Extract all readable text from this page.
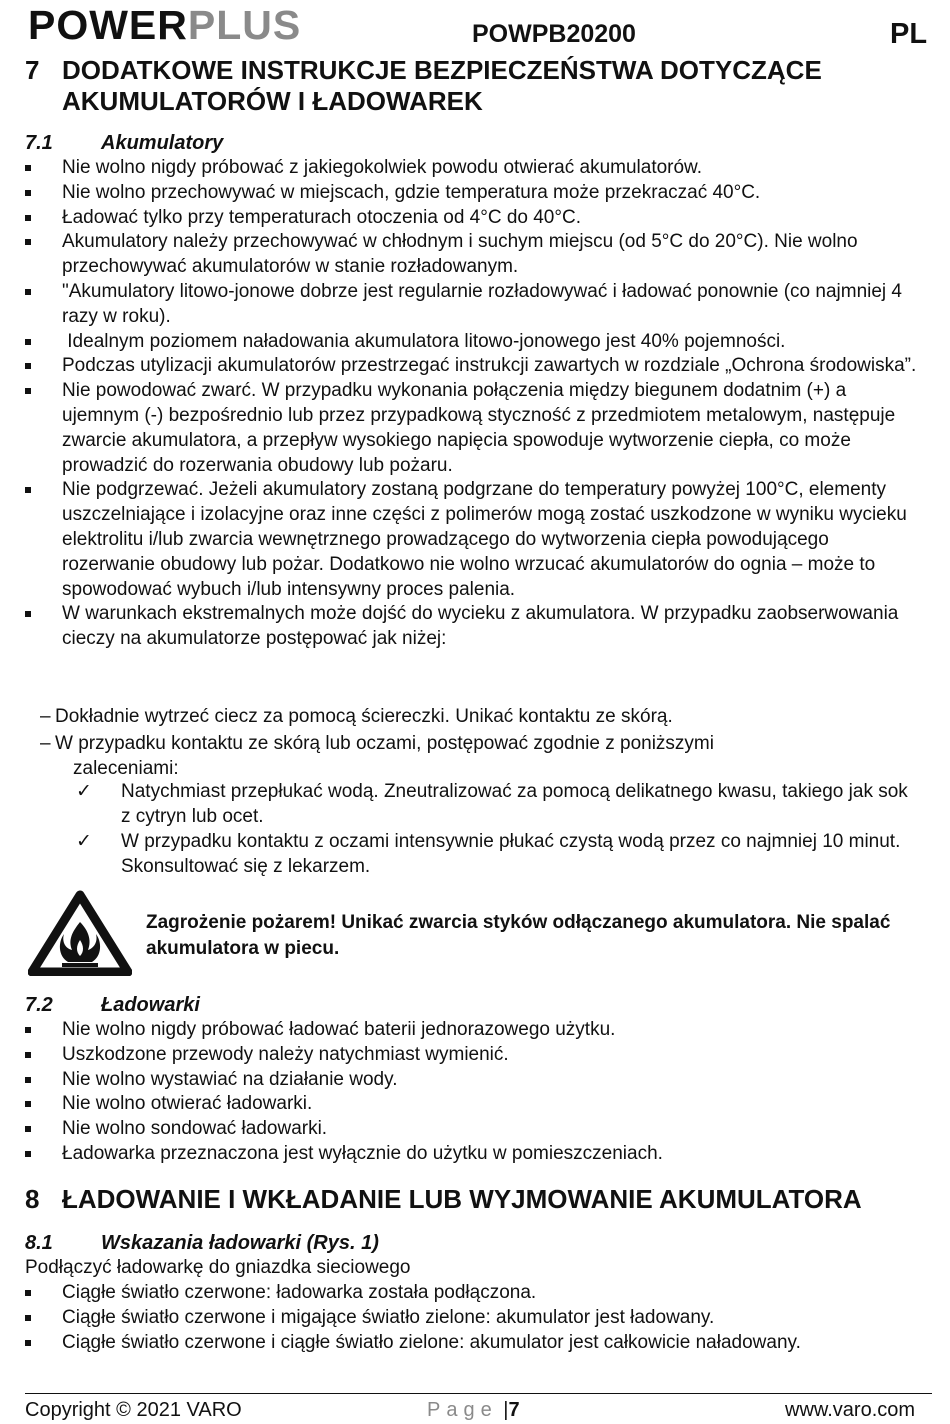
POWERPLUS	POWPB20200	PL
7 DODATKOWE INSTRUKCJE BEZPIECZEŃSTWA DOTYCZĄCE AKUMULATORÓW I ŁADOWAREK
7.1 Akumulatory
Nie wolno nigdy próbować z jakiegokolwiek powodu otwierać akumulatorów.
Nie wolno przechowywać w miejscach, gdzie temperatura może przekraczać 40°C.
Ładować tylko przy temperaturach otoczenia od 4°C do 40°C.
Akumulatory należy przechowywać w chłodnym i suchym miejscu (od 5°C do 20°C). Nie wolno przechowywać akumulatorów w stanie rozładowanym.
"Akumulatory litowo-jonowe dobrze jest regularnie rozładowywać i ładować ponownie (co najmniej 4 razy w roku).
Idealnym poziomem naładowania akumulatora litowo-jonowego jest 40% pojemności.
Podczas utylizacji akumulatorów przestrzegać instrukcji zawartych w rozdziale „Ochrona środowiska”.
Nie powodować zwarć. W przypadku wykonania połączenia między biegunem dodatnim (+) a ujemnym (-) bezpośrednio lub przez przypadkową styczność z przedmiotem metalowym, następuje zwarcie akumulatora, a przepływ wysokiego napięcia spowoduje wytworzenie ciepła, co może prowadzić do rozerwania obudowy lub pożaru.
Nie podgrzewać. Jeżeli akumulatory zostaną podgrzane do temperatury powyżej 100°C, elementy uszczelniające i izolacyjne oraz inne części z polimerów mogą zostać uszkodzone w wyniku wycieku elektrolitu i/lub zwarcia wewnętrznego prowadzącego do wytworzenia ciepła powodującego rozerwanie obudowy lub pożar. Dodatkowo nie wolno wrzucać akumulatorów do ognia – może to spowodować wybuch i/lub intensywny proces palenia.
W warunkach ekstremalnych może dojść do wycieku z akumulatora. W przypadku zaobserwowania cieczy na akumulatorze postępować jak niżej:
– Dokładnie wytrzeć ciecz za pomocą ściereczki. Unikać kontaktu ze skórą.
– W przypadku kontaktu ze skórą lub oczami, postępować zgodnie z poniższymi
zaleceniami:
✓ Natychmiast przepłukać wodą. Zneutralizować za pomocą delikatnego kwasu, takiego jak sok z cytryn lub ocet.
✓ W przypadku kontaktu z oczami intensywnie płukać czystą wodą przez co najmniej 10 minut. Skonsultować się z lekarzem.
Zagrożenie pożarem! Unikać zwarcia styków odłączanego akumulatora. Nie spalać akumulatora w piecu.
7.2 Ładowarki
Nie wolno nigdy próbować ładować baterii jednorazowego użytku.
Uszkodzone przewody należy natychmiast wymienić.
Nie wolno wystawiać na działanie wody.
Nie wolno otwierać ładowarki.
Nie wolno sondować ładowarki.
Ładowarka przeznaczona jest wyłącznie do użytku w pomieszczeniach.
8 ŁADOWANIE I WKŁADANIE LUB WYJMOWANIE AKUMULATORA
8.1 Wskazania ładowarki (Rys. 1)
Podłączyć ładowarkę do gniazdka sieciowego
Ciągłe światło czerwone: ładowarka została podłączona.
Ciągłe światło czerwone i migające światło zielone: akumulator jest ładowany.
Ciągłe światło czerwone i ciągłe światło zielone: akumulator jest całkowicie naładowany.
Copyright © 2021 VARO	Page |7	www.varo.com
